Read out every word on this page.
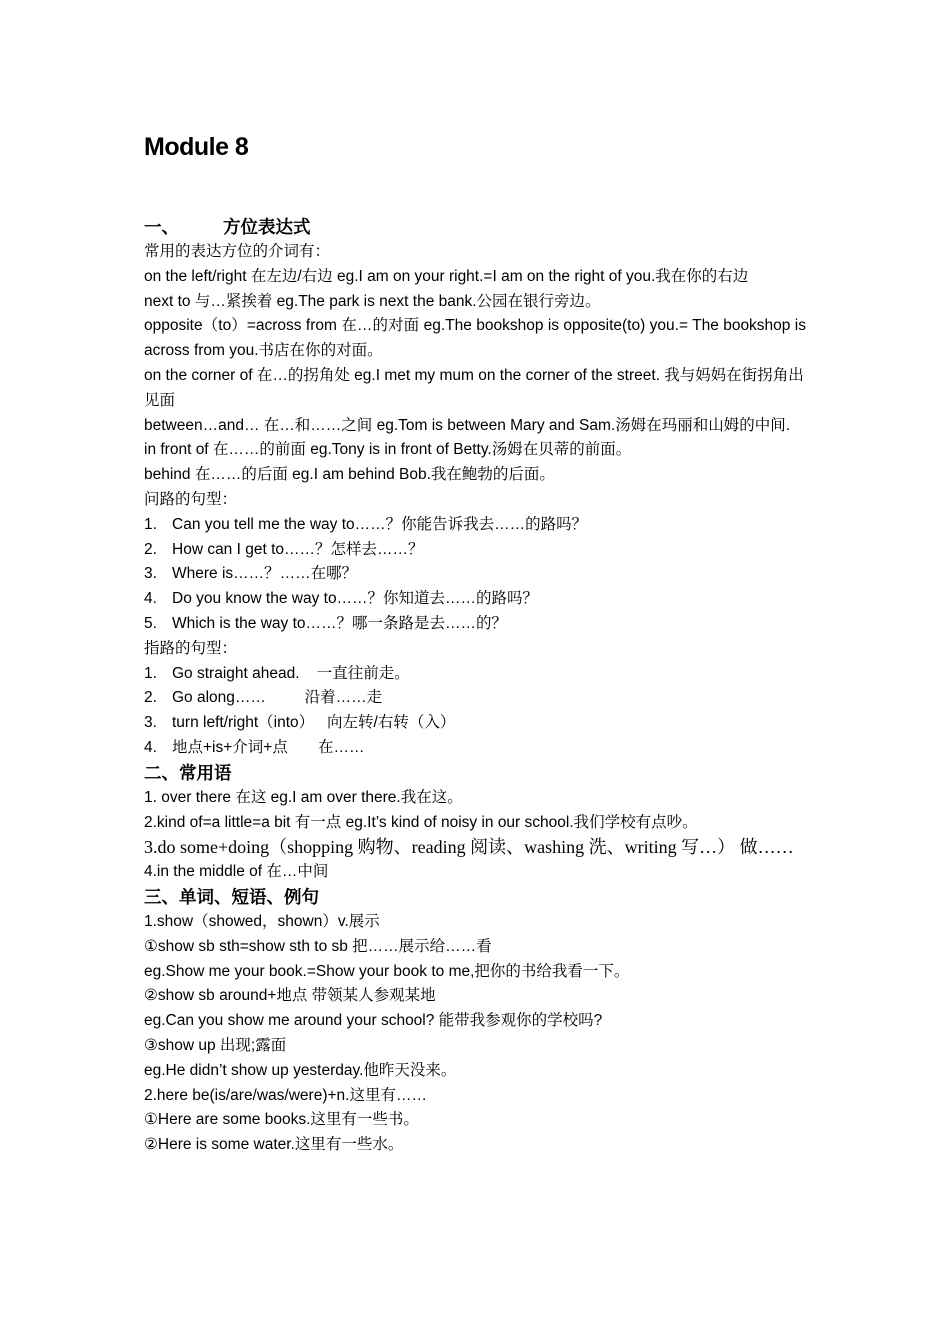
Module 8
一、	方位表达式
常用的表达方位的介词有：
on the left/right 在左边/右边 eg.I am on your right.=I am on the right of you.我在你的右边
next to 与…紧挨着 eg.The park is next the bank.公园在银行旁边。
opposite（to）=across from 在…的对面 eg.The bookshop is opposite(to) you.= The bookshop is across from you.书店在你的对面。
on the corner of 在…的拐角处 eg.I met my mum on the corner of the street. 我与妈妈在街拐角出见面
between…and… 在…和……之间 eg.Tom is between Mary and Sam.汤姆在玛丽和山姆的中间.
in front of 在……的前面 eg.Tony is in front of Betty.汤姆在贝蒂的前面。
behind 在……的后面 eg.I am behind Bob.我在鲍勃的后面。
问路的句型：
1. Can you tell me the way to……？你能告诉我去……的路吗？
2. How can I get to……？怎样去……？
3. Where is……？……在哪？
4. Do you know the way to……？你知道去……的路吗？
5. Which is the way to……？哪一条路是去……的？
指路的句型：
1. Go straight ahead.    一直往前走。
2. Go along……         沿着……走
3. turn left/right（into）   向左转/右转（入）
4. 地点+is+介词+点       在……
二、常用语
1. over there 在这 eg.I am over there.我在这。
2.kind of=a little=a bit 有一点 eg.It’s kind of noisy in our school.我们学校有点吵。
3.do some+doing（shopping 购物、reading 阅读、washing 洗、writing 写…） 做……
4.in the middle of 在…中间
三、单词、短语、例句
1.show（showed，shown）v.展示
①show sb sth=show sth to sb 把……展示给……看
eg.Show me your book.=Show your book to me,把你的书给我看一下。
②show sb around+地点 带领某人参观某地
eg.Can you show me around your school? 能带我参观你的学校吗?
③show up 出现;露面
eg.He didn’t show up yesterday.他昨天没来。
2.here be(is/are/was/were)+n.这里有……
①Here are some books.这里有一些书。
②Here is some water.这里有一些水。
